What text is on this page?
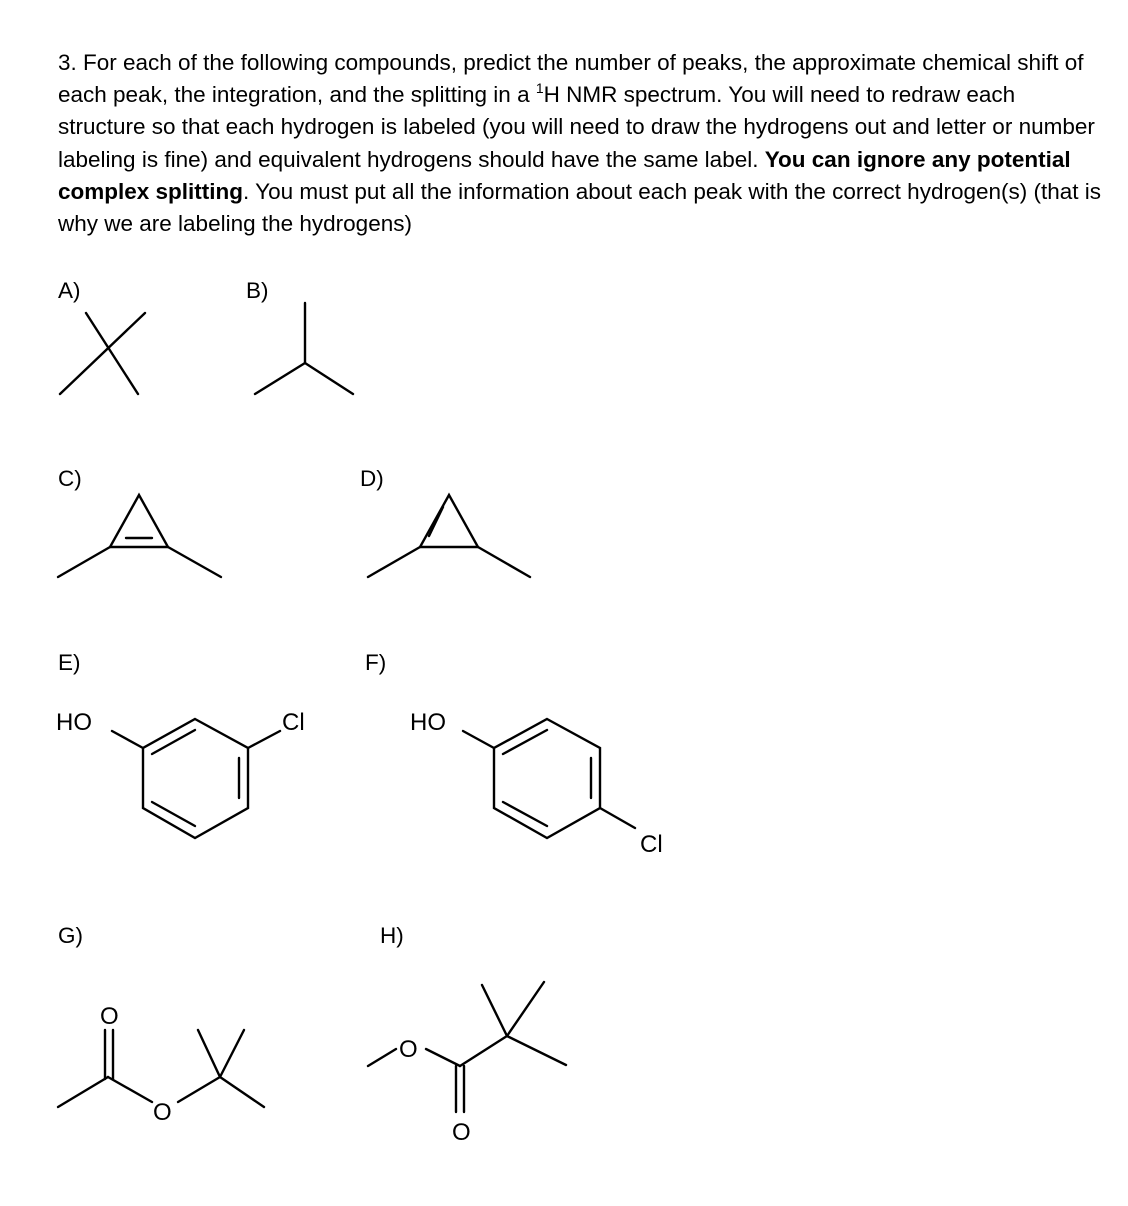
3. For each of the following compounds, predict the number of peaks, the approximate chemical shift of each peak, the integration, and the splitting in a $^1$H NMR spectrum. You will need to redraw each structure so that each hydrogen is labeled (you will need to draw the hydrogens out and letter or number labeling is fine) and equivalent hydrogens should have the same label. You can ignore any potential complex splitting. You must put all the information about each peak with the correct hydrogen(s) (that is why we are labeling the hydrogens)
A)	B)
C)	D)
E)	F)
G)	H)
HO	Cl	HO
Cl
O
O
O
O
